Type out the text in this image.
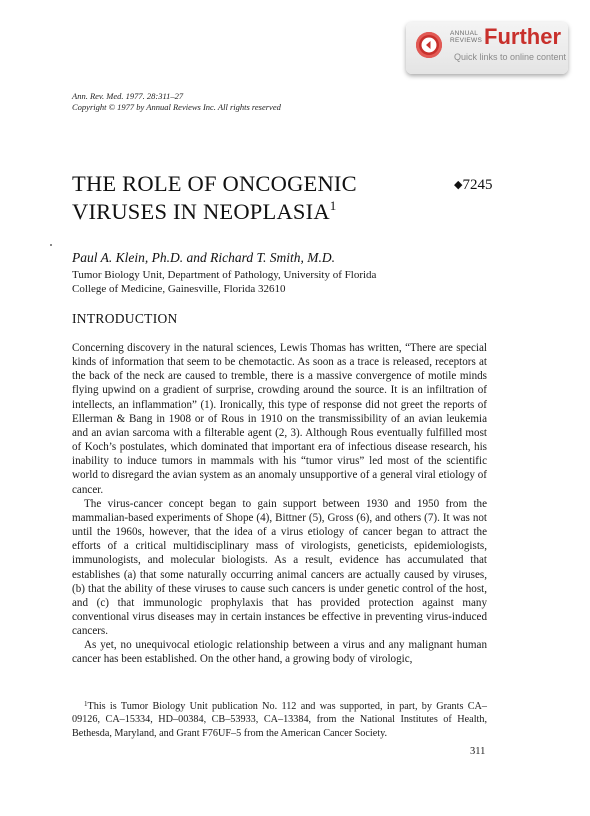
ANNUAL
REVIEWS Further
Quick links to online content
Ann. Rev. Med. 1977. 28:311–27
Copyright © 1977 by Annual Reviews Inc. All rights reserved
THE ROLE OF ONCOGENIC
VIRUSES IN NEOPLASIA$^1$
◆7245
Paul A. Klein, Ph.D. and Richard T. Smith, M.D.
Tumor Biology Unit, Department of Pathology, University of Florida
College of Medicine, Gainesville, Florida 32610
INTRODUCTION

Concerning discovery in the natural sciences, Lewis Thomas has written, “There are special kinds of information that seem to be chemotactic. As soon as a trace is released, receptors at the back of the neck are caused to tremble, there is a massive convergence of motile minds flying upwind on a gradient of surprise, crowding around the source. It is an infiltration of intellects, an inflammation” (1). Ironically, this type of response did not greet the reports of Ellerman & Bang in 1908 or of Rous in 1910 on the transmissibility of an avian leukemia and an avian sarcoma with a filterable agent (2, 3). Although Rous eventually fulfilled most of Koch’s postulates, which dominated that important era of infectious disease research, his inability to induce tumors in mammals with his “tumor virus” led most of the scientific world to disregard the avian system as an anomaly unsupportive of a general viral etiology of cancer.

The virus-cancer concept began to gain support between 1930 and 1950 from the mammalian-based experiments of Shope (4), Bittner (5), Gross (6), and others (7). It was not until the 1960s, however, that the idea of a virus etiology of cancer began to attract the efforts of a critical multidisciplinary mass of virologists, geneticists, epidemiologists, immunologists, and molecular biologists. As a result, evidence has accumulated that establishes (a) that some naturally occurring animal cancers are actually caused by viruses, (b) that the ability of these viruses to cause such cancers is under genetic control of the host, and (c) that immunologic prophylaxis that has provided protection against many conventional virus diseases may in certain instances be effective in preventing virus-induced cancers.

As yet, no unequivocal etiologic relationship between a virus and any malignant human cancer has been established. On the other hand, a growing body of virologic,

$^1$This is Tumor Biology Unit publication No. 112 and was supported, in part, by Grants CA–09126, CA–15334, HD–00384, CB–53933, CA–13384, from the National Institutes of Health, Bethesda, Maryland, and Grant F76UF–5 from the American Cancer Society.
311
